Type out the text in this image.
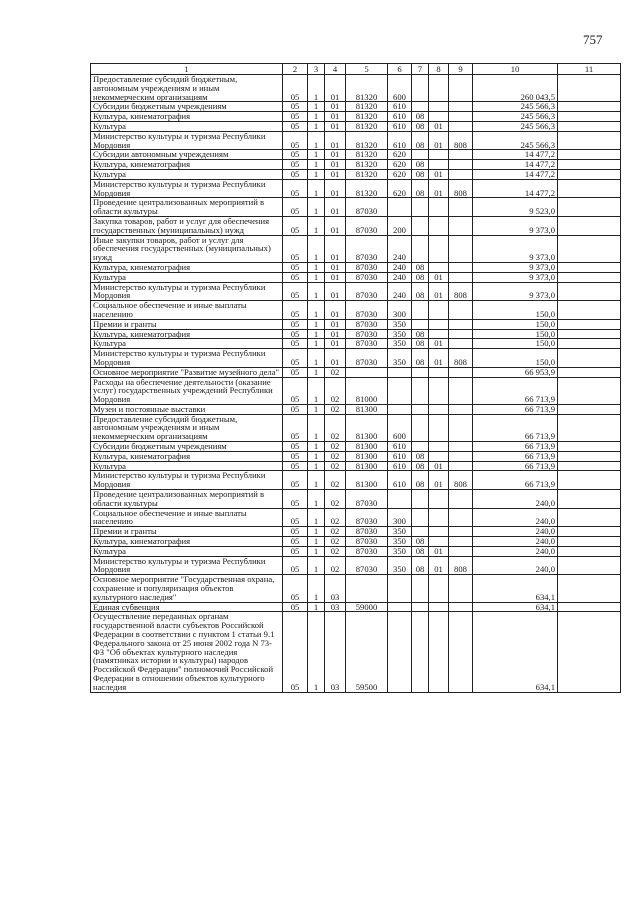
757
1	2	3	4	5	6	7	8	9	10	11
Предоставление субсидий бюджетным, автономным учреждениям и иным некоммерческим организациям	05	1	01	81320	600				260 043,5	
Субсидии бюджетным учреждениям	05	1	01	81320	610				245 566,3	
Культура, кинематография	05	1	01	81320	610	08			245 566,3	
Культура	05	1	01	81320	610	08	01		245 566,3	
Министерство культуры и туризма Республики Мордовия	05	1	01	81320	610	08	01	808	245 566,3	
Субсидии автономным учреждениям	05	1	01	81320	620				14 477,2	
Культура, кинематография	05	1	01	81320	620	08			14 477,2	
Культура	05	1	01	81320	620	08	01		14 477,2	
Министерство культуры и туризма Республики Мордовия	05	1	01	81320	620	08	01	808	14 477,2	
Проведение централизованных мероприятий в области культуры	05	1	01	87030					9 523,0	
Закупка товаров, работ и услуг для обеспечения государственных (муниципальных) нужд	05	1	01	87030	200				9 373,0	
Иные закупки товаров, работ и услуг для обеспечения государственных (муниципальных) нужд	05	1	01	87030	240				9 373,0	
Культура, кинематография	05	1	01	87030	240	08			9 373,0	
Культура	05	1	01	87030	240	08	01		9 373,0	
Министерство культуры и туризма Республики Мордовия	05	1	01	87030	240	08	01	808	9 373,0	
Социальное обеспечение и иные выплаты населению	05	1	01	87030	300				150,0	
Премии и гранты	05	1	01	87030	350				150,0	
Культура, кинематография	05	1	01	87030	350	08			150,0	
Культура	05	1	01	87030	350	08	01		150,0	
Министерство культуры и туризма Республики Мордовия	05	1	01	87030	350	08	01	808	150,0	
Основное мероприятие "Развитие музейного дела"	05	1	02						66 953,9	
Расходы на обеспечение деятельности (оказание услуг) государственных учреждений Республики Мордовия	05	1	02	81000					66 713,9	
Музеи и постоянные выставки	05	1	02	81300					66 713,9	
Предоставление субсидий бюджетным, автономным учреждениям и иным некоммерческим организациям	05	1	02	81300	600				66 713,9	
Субсидии бюджетным учреждениям	05	1	02	81300	610				66 713,9	
Культура, кинематография	05	1	02	81300	610	08			66 713,9	
Культура	05	1	02	81300	610	08	01		66 713,9	
Министерство культуры и туризма Республики Мордовия	05	1	02	81300	610	08	01	808	66 713,9	
Проведение централизованных мероприятий в области культуры	05	1	02	87030					240,0	
Социальное обеспечение и иные выплаты населению	05	1	02	87030	300				240,0	
Премии и гранты	05	1	02	87030	350				240,0	
Культура, кинематография	05	1	02	87030	350	08			240,0	
Культура	05	1	02	87030	350	08	01		240,0	
Министерство культуры и туризма Республики Мордовия	05	1	02	87030	350	08	01	808	240,0	
Основное мероприятие "Государственная охрана, сохранение и популяризация объектов культурного наследия"	05	1	03						634,1	
Единая субвенция	05	1	03	59000					634,1	
Осуществление переданных органам государственной власти субъектов Российской Федерации в соответствии с пунктом 1 статьи 9.1 Федерального закона от 25 июня 2002 года N 73-ФЗ "Об объектах культурного наследия (памятниках истории и культуры) народов Российской Федерации" полномочий Российской Федерации в отношении объектов культурного наследия	05	1	03	59500					634,1	
